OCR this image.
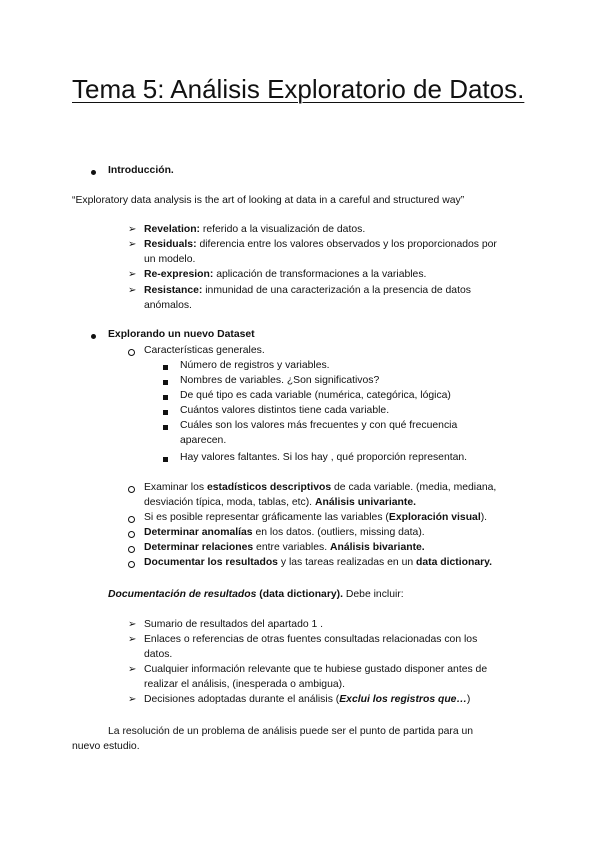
Tema 5: Análisis Exploratorio de Datos.
Introducción.
“Exploratory data analysis is the art of looking at data in a careful and structured way”
➢ Revelation: referido a la visualización de datos.
➢ Residuals: diferencia entre los valores observados y los proporcionados por
un modelo.
➢ Re-expresion: aplicación de transformaciones a la variables.
➢ Resistance: inmunidad de una caracterización a la presencia de datos
anómalos.
Explorando un nuevo Dataset
Características generales.
Número de registros y variables.
Nombres de variables. ¿Son significativos?
De qué tipo es cada variable (numérica, categórica, lógica)
Cuántos valores distintos tiene cada variable.
Cuáles son los valores más frecuentes y con qué frecuencia
aparecen.
Hay valores faltantes. Si los hay , qué proporción representan.
Examinar los estadísticos descriptivos de cada variable. (media, mediana,
desviación típica, moda, tablas, etc). Análisis univariante.
Si es posible representar gráficamente las variables (Exploración visual).
Determinar anomalías en los datos. (outliers, missing data).
Determinar relaciones entre variables. Análisis bivariante.
Documentar los resultados y las tareas realizadas en un data dictionary.
Documentación de resultados (data dictionary). Debe incluir:
➢ Sumario de resultados del apartado 1 .
➢ Enlaces o referencias de otras fuentes consultadas relacionadas con los
datos.
➢ Cualquier información relevante que te hubiese gustado disponer antes de
realizar el análisis, (inesperada o ambigua).
➢ Decisiones adoptadas durante el análisis (Exclui los registros que…)
La resolución de un problema de análisis puede ser el punto de partida para un
nuevo estudio.
